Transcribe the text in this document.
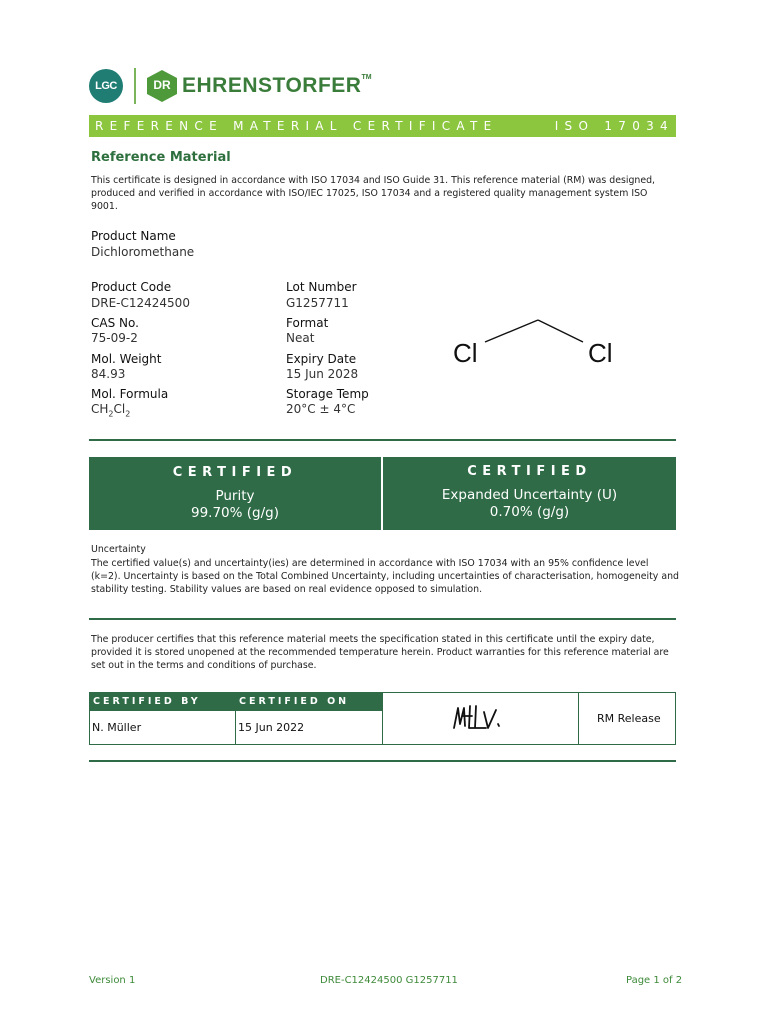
LGC	DR EHRENSTORFER™
REFERENCE MATERIAL CERTIFICATE	ISO 17034
Reference Material
This certificate is designed in accordance with ISO 17034 and ISO Guide 31. This reference material (RM) was designed, produced and verified in accordance with ISO/IEC 17025, ISO 17034 and a registered quality management system ISO 9001.
Product Name
Dichloromethane
Product Code
DRE-C12424500
Lot Number
G1257711
CAS No.
75-09-2
Format
Neat
Mol. Weight
84.93
Expiry Date
15 Jun 2028
Mol. Formula
$CH_2Cl_2$
Storage Temp
20°C ± 4°C
Cl	Cl
CERTIFIED
Purity
99.70% (g/g)
CERTIFIED
Expanded Uncertainty (U)
0.70% (g/g)
Uncertainty
The certified value(s) and uncertainty(ies) are determined in accordance with ISO 17034 with an 95% confidence level (k=2). Uncertainty is based on the Total Combined Uncertainty, including uncertainties of characterisation, homogeneity and stability testing. Stability values are based on real evidence opposed to simulation.
The producer certifies that this reference material meets the specification stated in this certificate until the expiry date, provided it is stored unopened at the recommended temperature herein. Product warranties for this reference material are set out in the terms and conditions of purchase.
CERTIFIED BY	CERTIFIED ON
N. Müller	15 Jun 2022
RM Release
Version 1	DRE-C12424500 G1257711	Page 1 of 2
